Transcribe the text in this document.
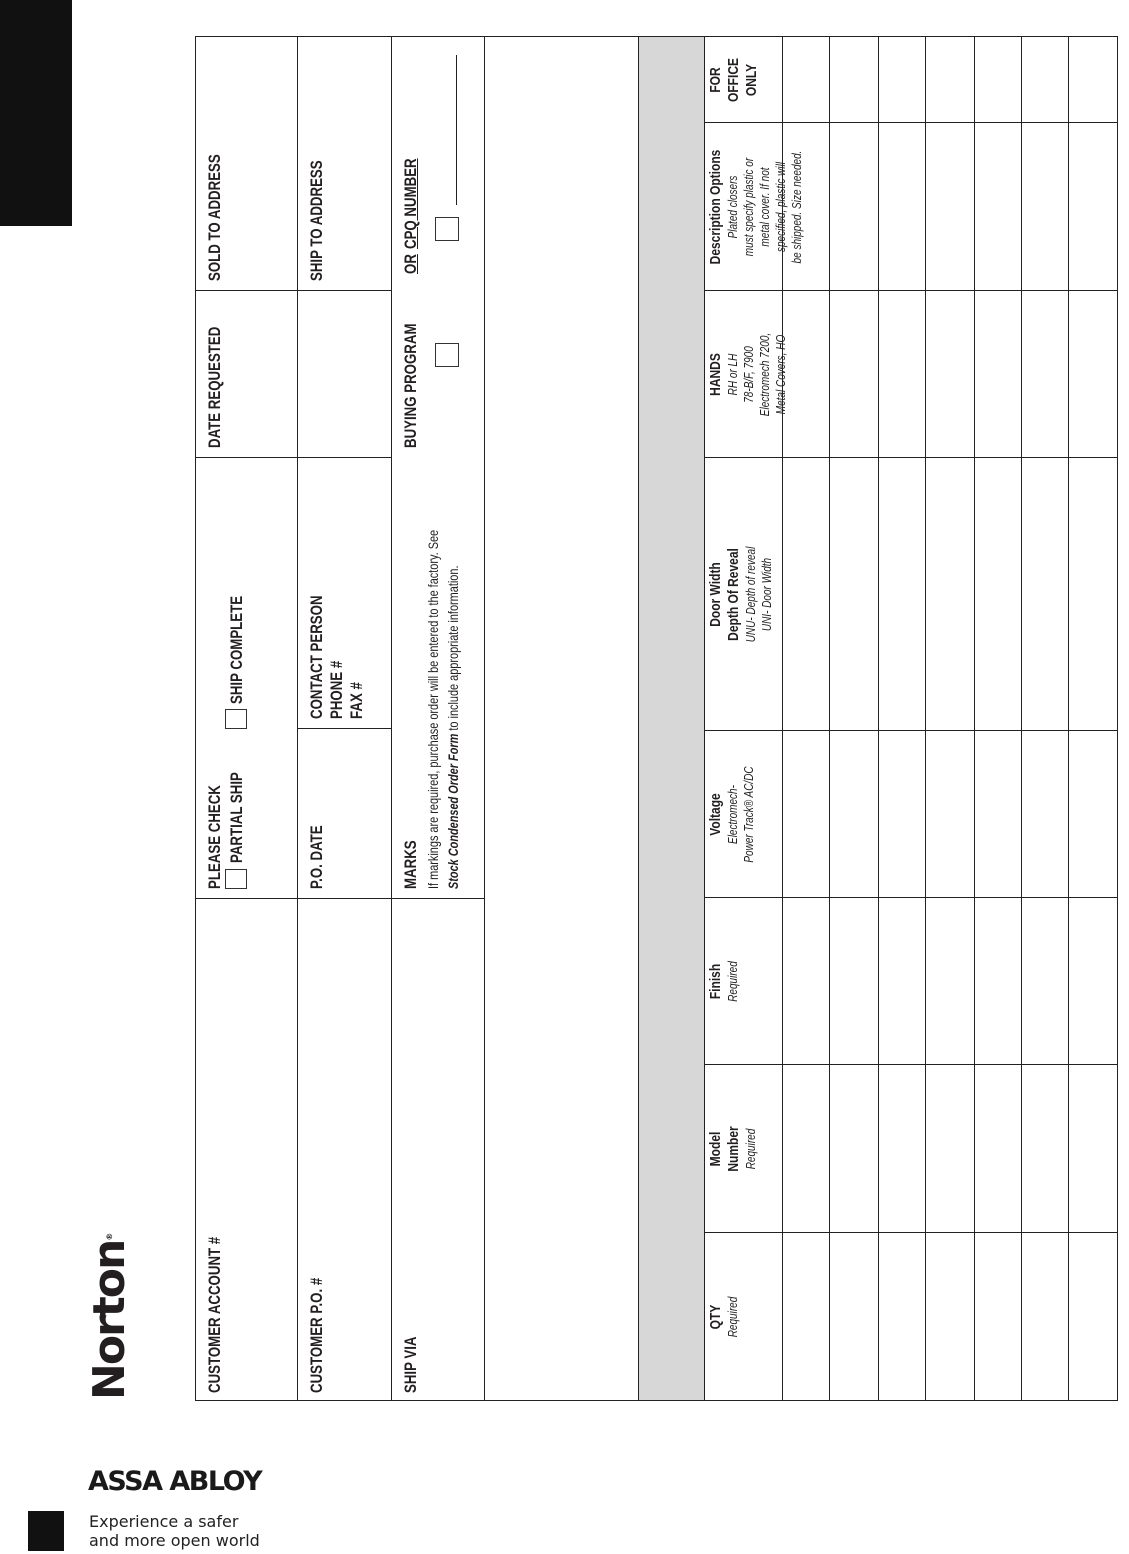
Norton®
ASSA ABLOY
Experience a safer
and more open world
CUSTOMER ACCOUNT #
PLEASE CHECK PARTIAL SHIP
SHIP COMPLETE
DATE REQUESTED
SOLD TO ADDRESS
CUSTOMER P.O. #
P.O. DATE
CONTACT PERSON PHONE # FAX #
SHIP TO ADDRESS
SHIP VIA
MARKS If markings are required, purchase order will be entered to the factory. See Stock Condensed Order Form to include appropriate information.
BUYING PROGRAM
OR
CPQ NUMBER
QTY Required
Model Number Required
Finish Required
Voltage Electromech- Power Track® AC/DC
Door Width Depth Of Reveal UNU- Depth of reveal UNI- Door Width
HANDS RH or LH 78-B/F, 7900 Electromech 7200, Metal Covers, HO
Description Options Plated closers must specify plastic or metal cover. If not specified, plastic will be shipped. Size needed.
FOR OFFICE ONLY
